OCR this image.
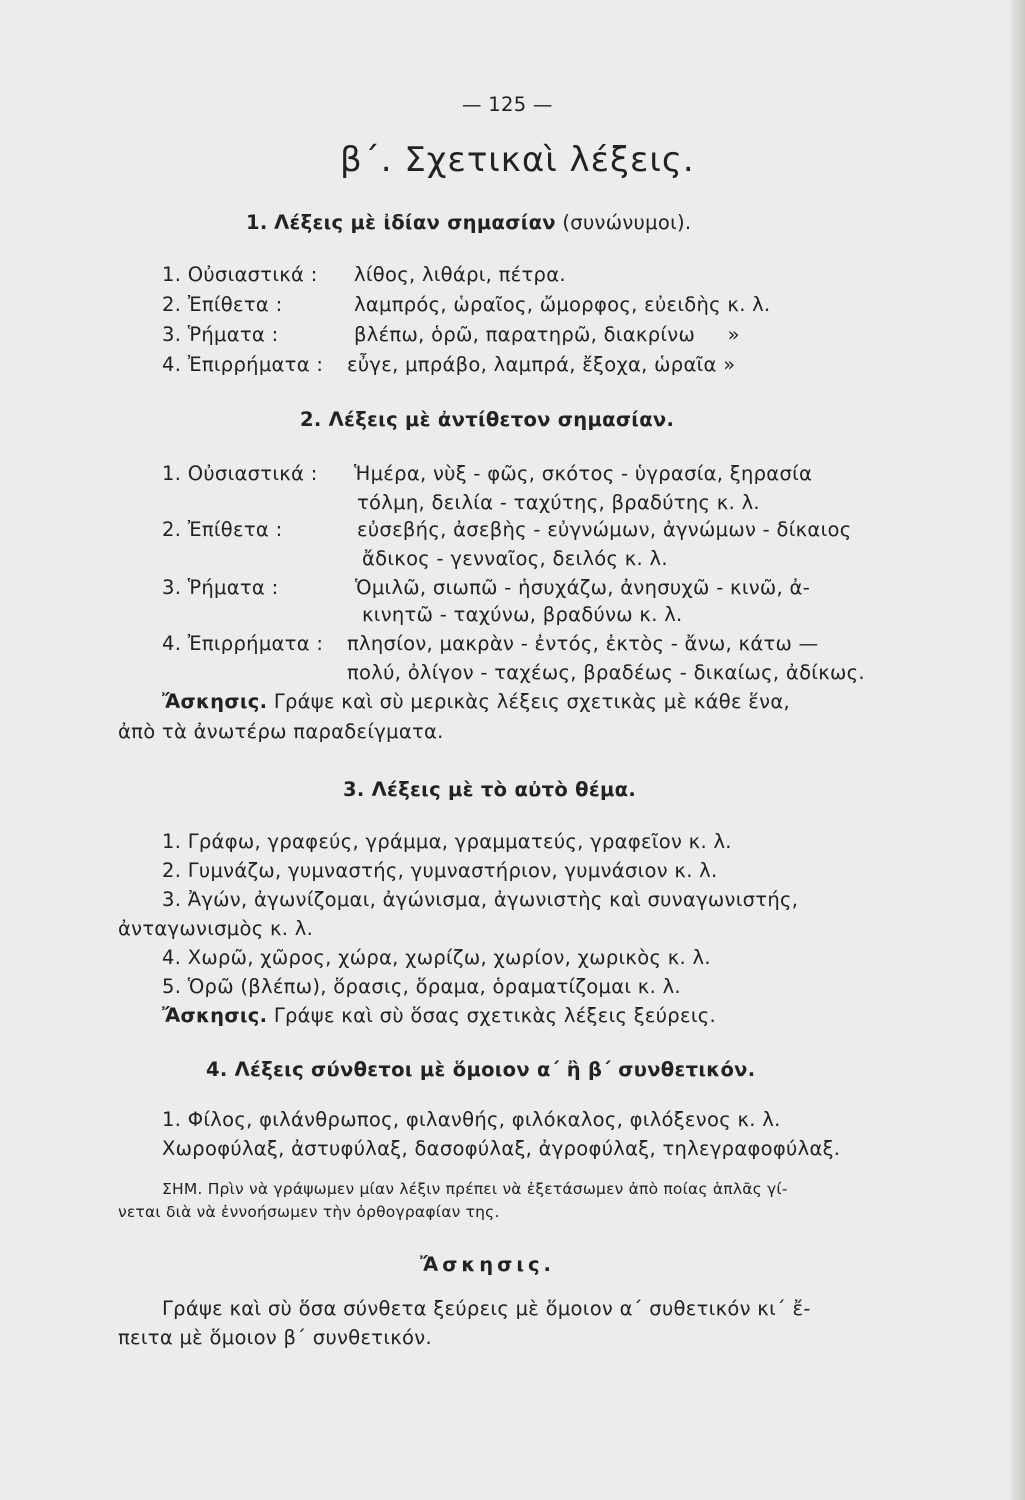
— 125 —
β΄. Σχετικαὶ λέξεις.
1. Λέξεις μὲ ἰδίαν σημασίαν (συνώνυμοι).
1. Οὐσιαστικά : λίθος, λιθάρι, πέτρα.
2. Ἐπίθετα :	λαμπρός, ὡραῖος, ὤμορφος, εὐειδὴς κ. λ.
3. Ῥήματα :	βλέπω, ὁρῶ, παρατηρῶ, διακρίνω     »
4. Ἐπιρρήματα : εὖγε, μπράβο, λαμπρά, ἔξοχα, ὡραῖα »
2. Λέξεις μὲ ἀντίθετον σημασίαν.
1. Οὐσιαστικά : Ἡμέρα, νὺξ - φῶς, σκότος - ὑγρασία, ξηρασία
τόλμη, δειλία - ταχύτης, βραδύτης κ. λ.
2. Ἐπίθετα :	εὐσεβής, ἀσεβὴς - εὐγνώμων, ἀγνώμων - δίκαιος
ἄδικος - γενναῖος, δειλός κ. λ.
3. Ῥήματα :	Ὁμιλῶ, σιωπῶ - ἡσυχάζω, ἀνησυχῶ - κινῶ, ἀ-
κινητῶ - ταχύνω, βραδύνω κ. λ.
4. Ἐπιρρήματα : πλησίον, μακρὰν - ἐντός, ἐκτὸς - ἄνω, κάτω —
πολύ, ὀλίγον - ταχέως, βραδέως - δικαίως, ἀδίκως.
Ἄσκησις. Γράψε καὶ σὺ μερικὰς λέξεις σχετικὰς μὲ κάθε ἕνα,
ἀπὸ τὰ ἀνωτέρω παραδείγματα.
3. Λέξεις μὲ τὸ αὐτὸ θέμα.
1. Γράφω, γραφεύς, γράμμα, γραμματεύς, γραφεῖον κ. λ.
2. Γυμνάζω, γυμναστής, γυμναστήριον, γυμνάσιον κ. λ.
3. Ἀγών, ἀγωνίζομαι, ἀγώνισμα, ἀγωνιστὴς καὶ συναγωνιστής,
ἀνταγωνισμὸς κ. λ.
4. Χωρῶ, χῶρος, χώρα, χωρίζω, χωρίον, χωρικὸς κ. λ.
5. Ὁρῶ (βλέπω), ὅρασις, ὅραμα, ὁραματίζομαι κ. λ.
Ἄσκησις. Γράψε καὶ σὺ ὅσας σχετικὰς λέξεις ξεύρεις.
4. Λέξεις σύνθετοι μὲ ὅμοιον α΄ ἢ β΄ συνθετικόν.
1. Φίλος, φιλάνθρωπος, φιλανθής, φιλόκαλος, φιλόξενος κ. λ.
Χωροφύλαξ, ἀστυφύλαξ, δασοφύλαξ, ἀγροφύλαξ, τηλεγραφοφύλαξ.
ΣΗΜ. Πρὶν νὰ γράψωμεν μίαν λέξιν πρέπει νὰ ἐξετάσωμεν ἀπὸ ποίας ἁπλᾶς γί-
νεται διὰ νὰ ἐννοήσωμεν τὴν ὀρθογραφίαν της.
Ἄσκησις.
Γράψε καὶ σὺ ὅσα σύνθετα ξεύρεις μὲ ὅμοιον α΄ συθετικόν κι΄ ἔ-
πειτα μὲ ὅμοιον β΄ συνθετικόν.
